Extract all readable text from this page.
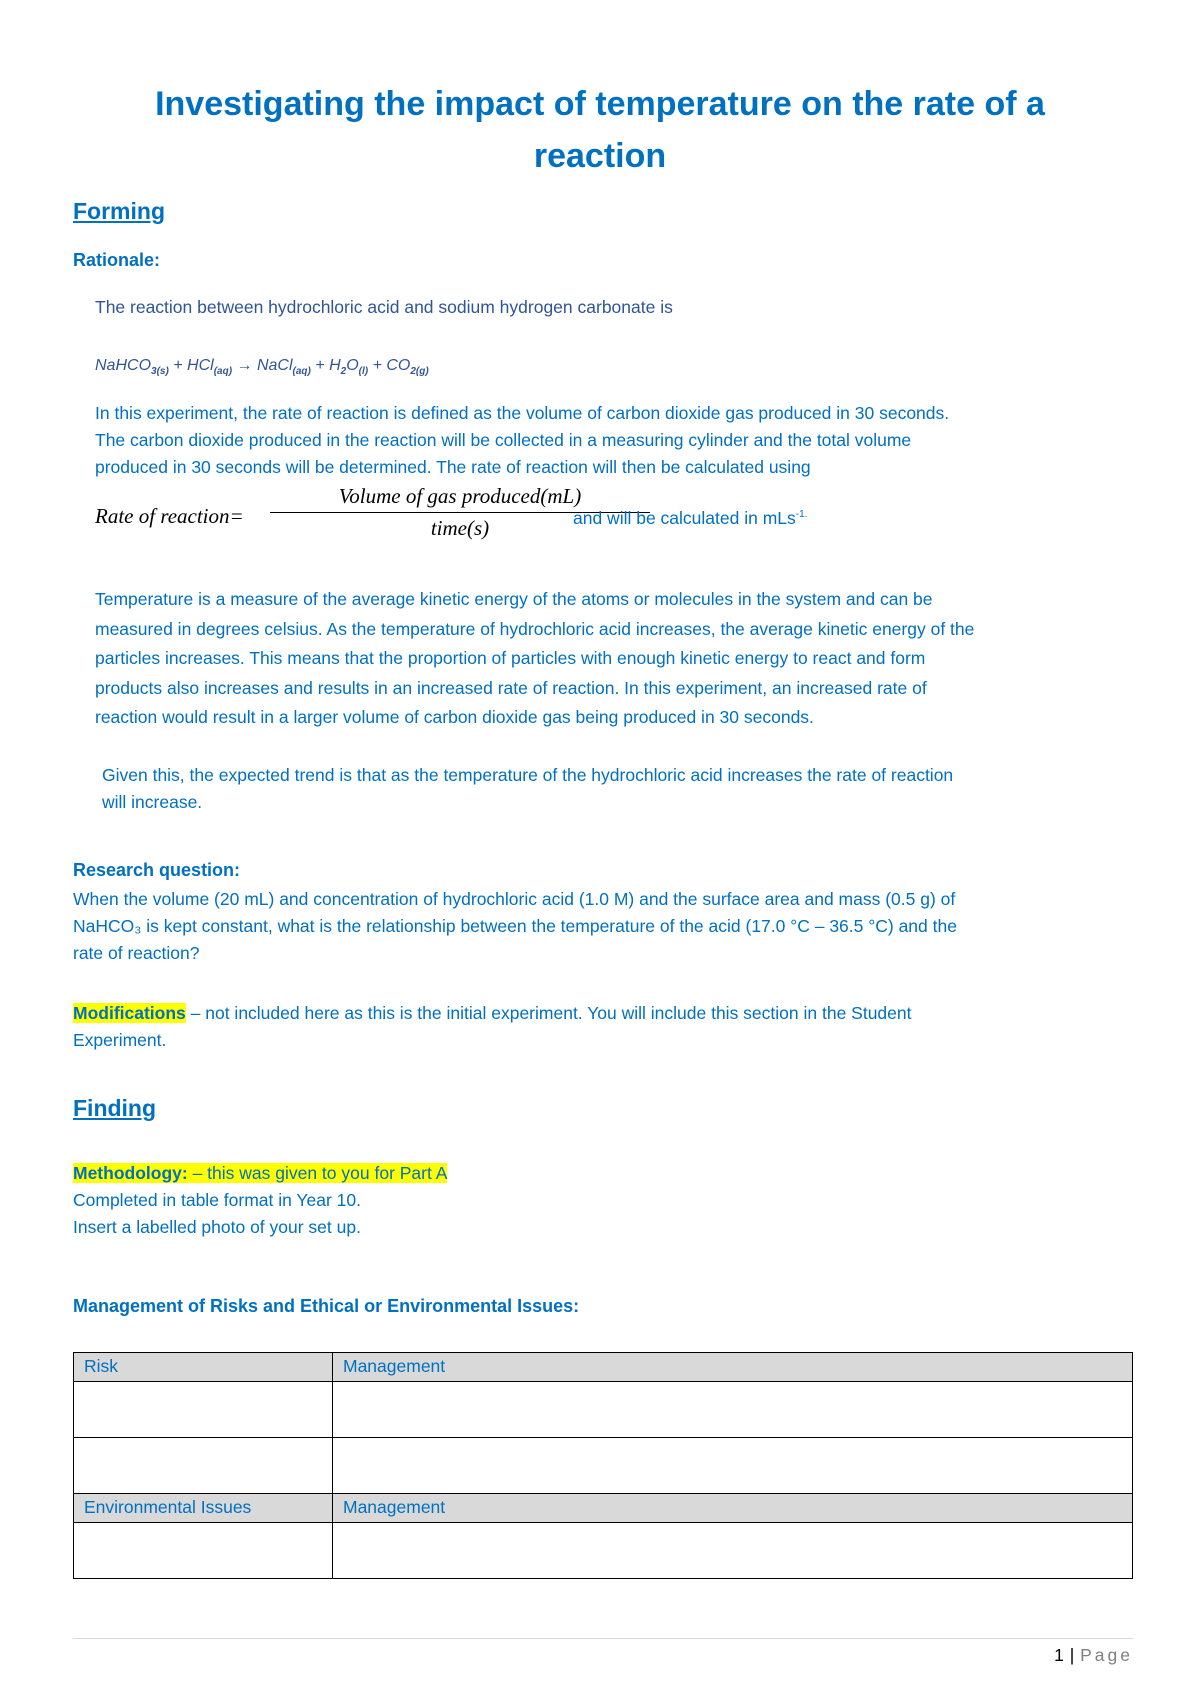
Investigating the impact of temperature on the rate of a
reaction
Forming
Rationale:
The reaction between hydrochloric acid and sodium hydrogen carbonate is
NaHCO$_{3(s)}$ + HCl$_{(aq)}$ → NaCl$_{(aq)}$ + $H_2O_{(l)} + CO_{2(g)}$
In this experiment, the rate of reaction is defined as the volume of carbon dioxide gas produced in 30 seconds.
The carbon dioxide produced in the reaction will be collected in a measuring cylinder and the total volume
produced in 30 seconds will be determined. The rate of reaction will then be calculated using
Rate of reaction=
Volume of gas produced(mL)
time(s)	and will be calculated in mLs$^{-1.}$
Temperature is a measure of the average kinetic energy of the atoms or molecules in the system and can be
measured in degrees celsius. As the temperature of hydrochloric acid increases, the average kinetic energy of the
particles increases. This means that the proportion of particles with enough kinetic energy to react and form
products also increases and results in an increased rate of reaction. In this experiment, an increased rate of
reaction would result in a larger volume of carbon dioxide gas being produced in 30 seconds.
Given this, the expected trend is that as the temperature of the hydrochloric acid increases the rate of reaction
will increase.
Research question:
When the volume (20 mL) and concentration of hydrochloric acid (1.0 M) and the surface area and mass (0.5 g) of
NaHCO₃ is kept constant, what is the relationship between the temperature of the acid (17.0 °C – 36.5 °C) and the
rate of reaction?
Modifications – not included here as this is the initial experiment. You will include this section in the Student
Experiment.
Finding
Methodology: – this was given to you for Part A
Completed in table format in Year 10.
Insert a labelled photo of your set up.
Management of Risks and Ethical or Environmental Issues:
Risk	Management

Environmental Issues	Management

1 | Page
